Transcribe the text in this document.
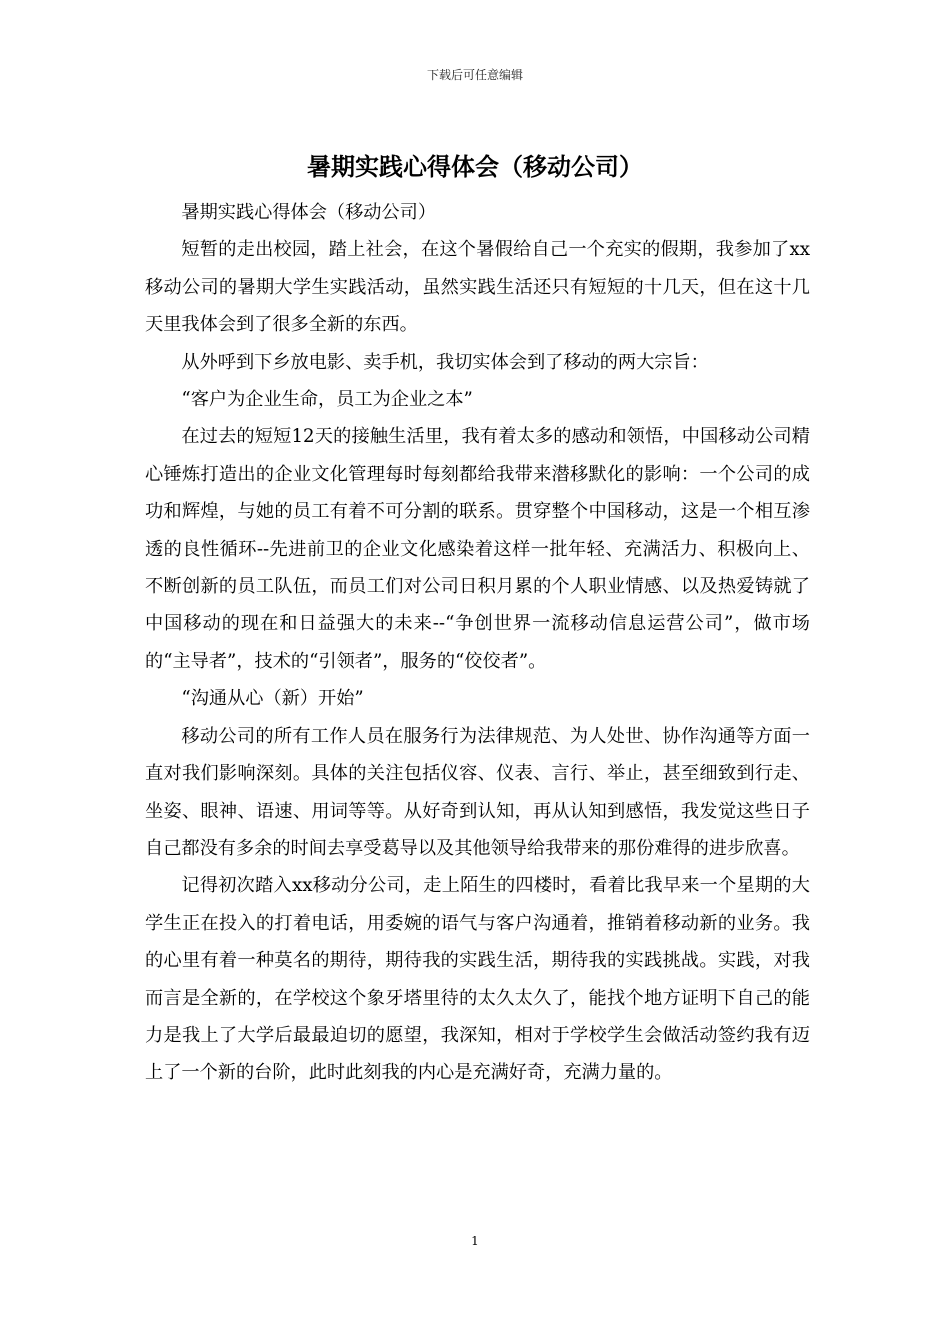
下载后可任意编辑
暑期实践心得体会（移动公司）

暑期实践心得体会（移动公司）

短暂的走出校园，踏上社会，在这个暑假给自己一个充实的假期，我参加了xx移动公司的暑期大学生实践活动，虽然实践生活还只有短短的十几天，但在这十几天里我体会到了很多全新的东西。

从外呼到下乡放电影、卖手机，我切实体会到了移动的两大宗旨：

“客户为企业生命，员工为企业之本”

在过去的短短12天的接触生活里，我有着太多的感动和领悟，中国移动公司精心锤炼打造出的企业文化管理每时每刻都给我带来潜移默化的影响：一个公司的成功和辉煌，与她的员工有着不可分割的联系。贯穿整个中国移动，这是一个相互渗透的良性循环--先进前卫的企业文化感染着这样一批年轻、充满活力、积极向上、不断创新的员工队伍，而员工们对公司日积月累的个人职业情感、以及热爱铸就了中国移动的现在和日益强大的未来--“争创世界一流移动信息运营公司”，做市场的“主导者”，技术的“引领者”，服务的“佼佼者”。

“沟通从心（新）开始”

移动公司的所有工作人员在服务行为法律规范、为人处世、协作沟通等方面一直对我们影响深刻。具体的关注包括仪容、仪表、言行、举止，甚至细致到行走、坐姿、眼神、语速、用词等等。从好奇到认知，再从认知到感悟，我发觉这些日子自己都没有多余的时间去享受葛导以及其他领导给我带来的那份难得的进步欣喜。

记得初次踏入xx移动分公司，走上陌生的四楼时，看着比我早来一个星期的大学生正在投入的打着电话，用委婉的语气与客户沟通着，推销着移动新的业务。我的心里有着一种莫名的期待，期待我的实践生活，期待我的实践挑战。实践，对我而言是全新的，在学校这个象牙塔里待的太久太久了，能找个地方证明下自己的能力是我上了大学后最最迫切的愿望，我深知，相对于学校学生会做活动签约我有迈上了一个新的台阶，此时此刻我的内心是充满好奇，充满力量的。

1
